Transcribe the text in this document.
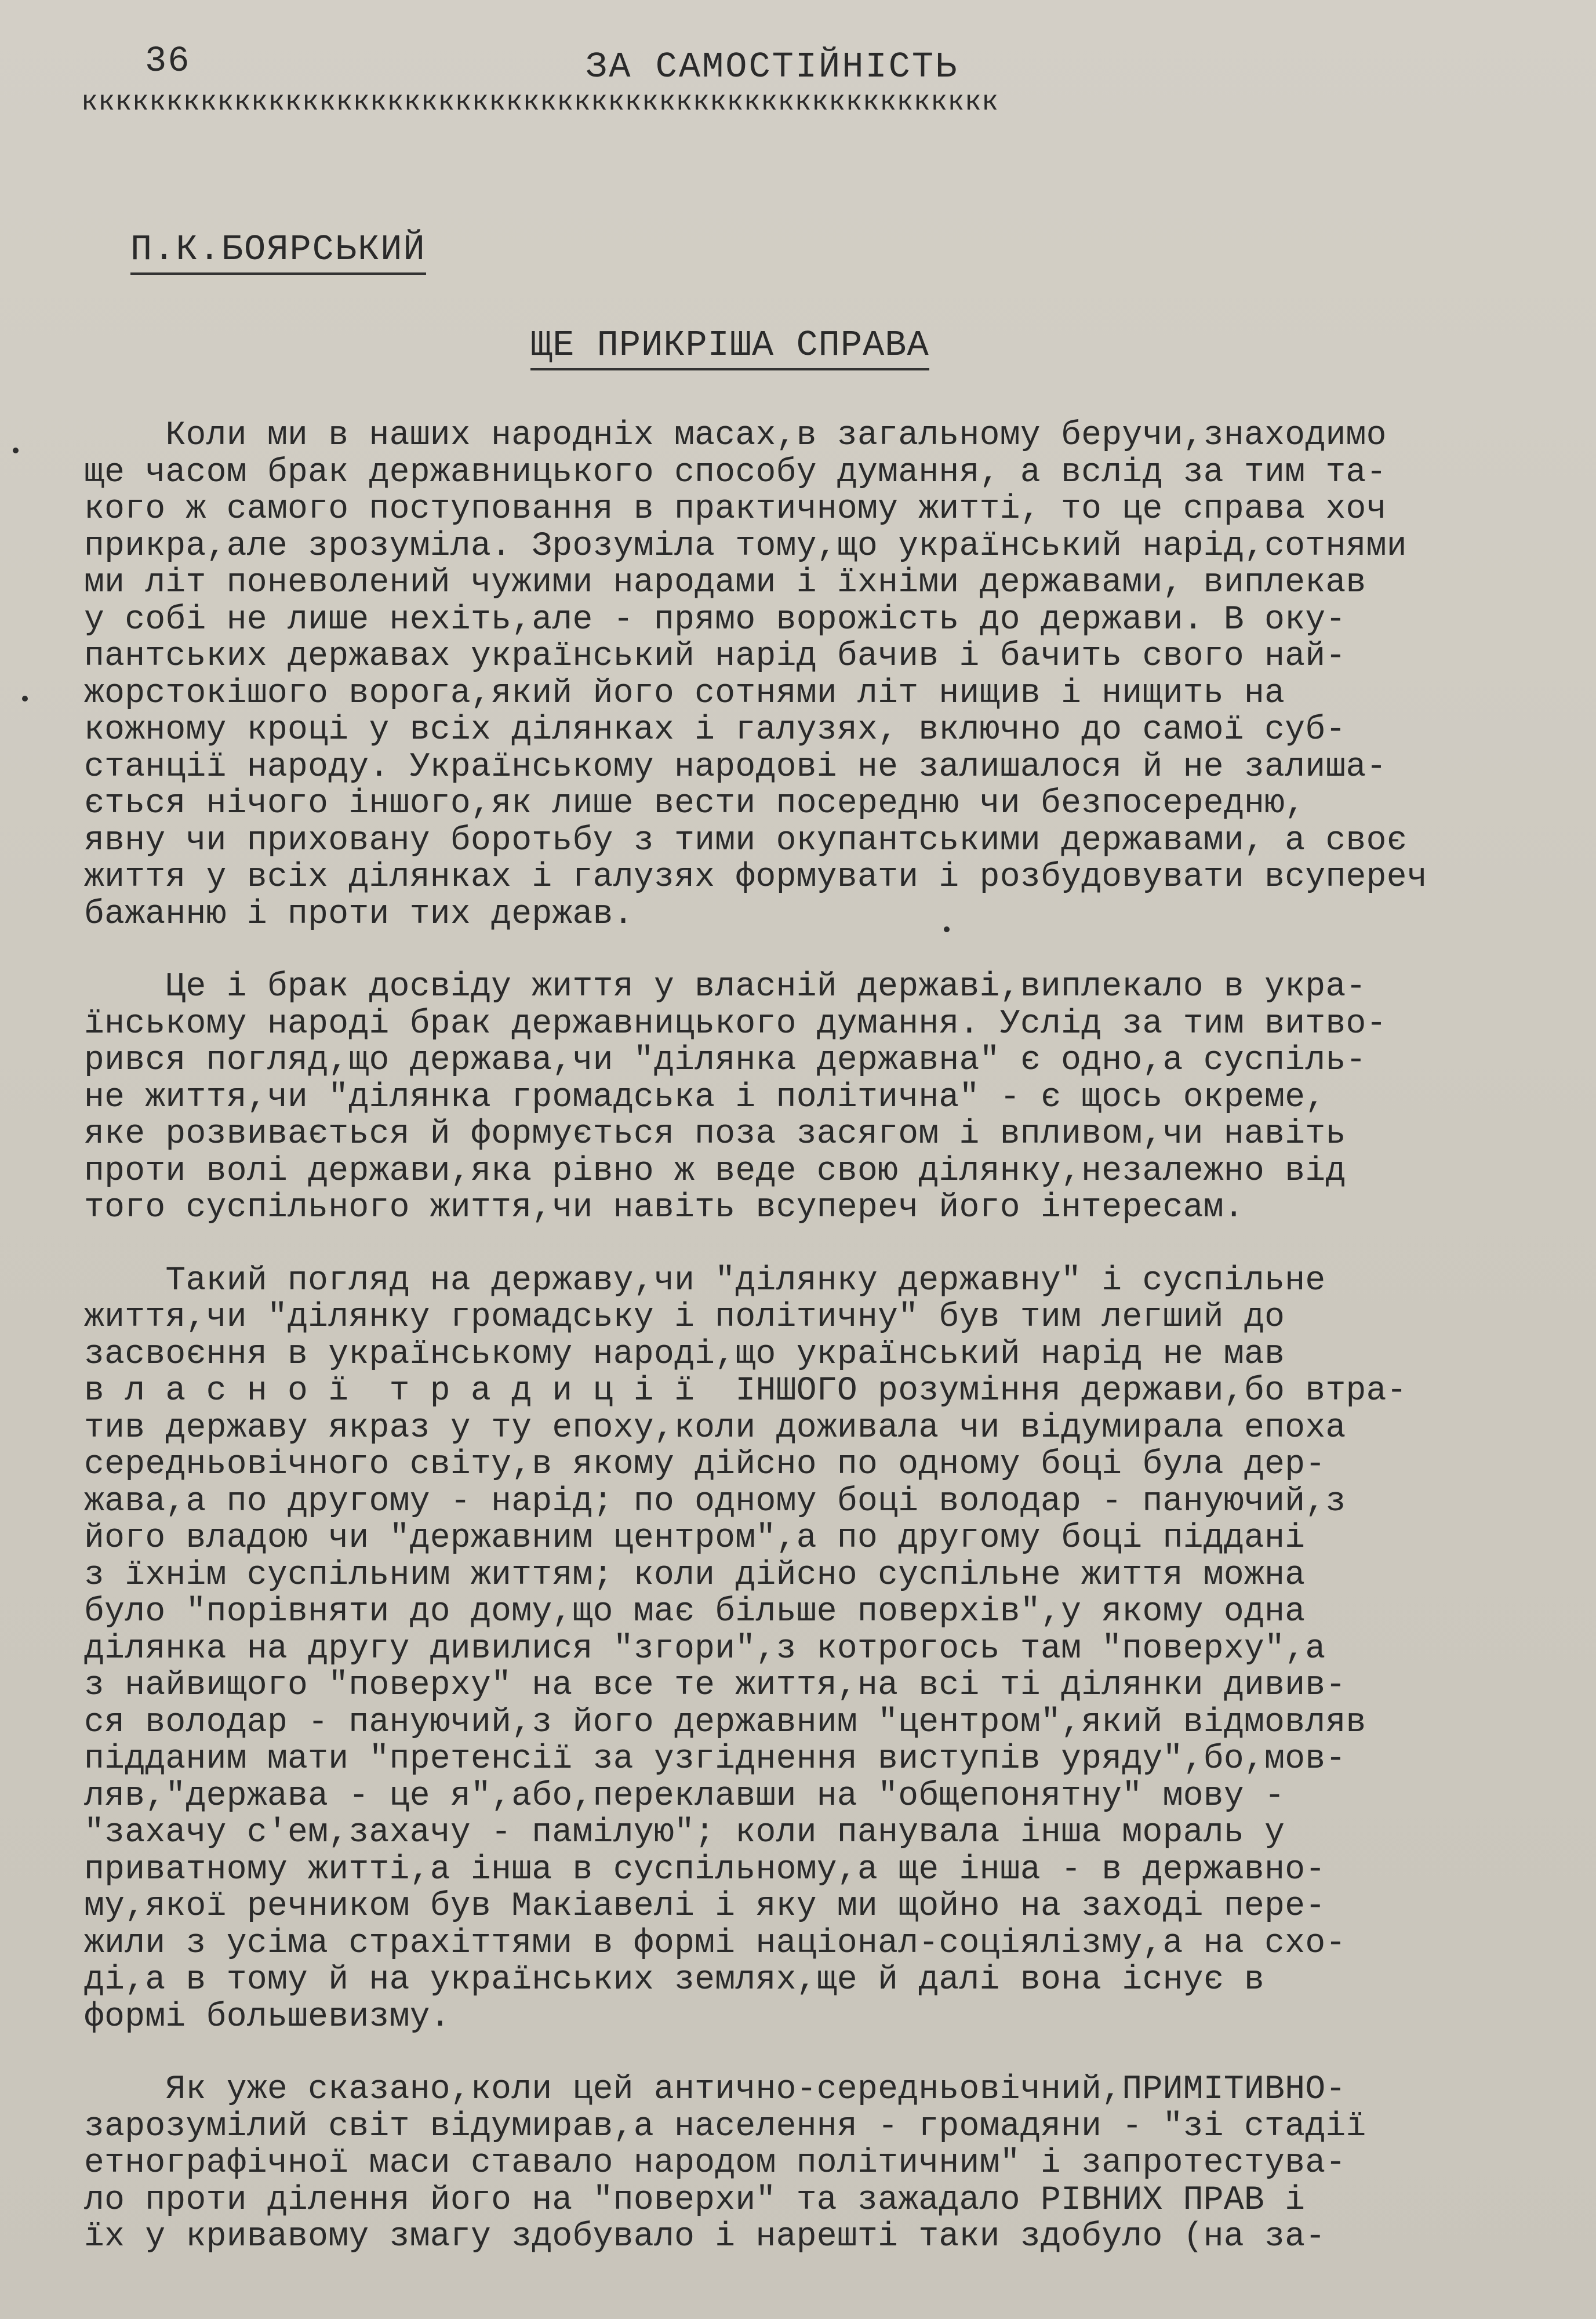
36	ЗА САМОСТІЙНІСТЬ
кккккккккккккккккккккккккккккккккккккккккккккккккккккк
П.К.БОЯРСЬКИЙ
ЩЕ ПРИКРІША СПРАВА
Коли ми в наших народніх масах,в загальному беручи,знаходимо
ще часом брак державницького способу думання, а вслід за тим та-
кого ж самого поступовання в практичному житті, то це справа хоч
прикра,але зрозуміла. Зрозуміла тому,що український нарід,сотнями
ми літ поневолений чужими народами і їхніми державами, виплекав
у собі не лише нехіть,але - прямо ворожість до держави. В оку-
пантських державах український нарід бачив і бачить свого най-
жорстокішого ворога,який його сотнями літ нищив і нищить на
кожному кроці у всіх ділянках і галузях, включно до самої суб-
станції народу. Українському народові не залишалося й не залиша-
ється нічого іншого,як лише вести посередню чи безпосередню,
явну чи приховану боротьбу з тими окупантськими державами, а своє
життя у всіх ділянках і галузях формувати і розбудовувати всупереч
бажанню і проти тих держав.
Це і брак досвіду життя у власній державі,виплекало в укра-
їнському народі брак державницького думання. Услід за тим витво-
рився погляд,що держава,чи "ділянка державна" є одно,а суспіль-
не життя,чи "ділянка громадська і політична" - є щось окреме,
яке розвивається й формується поза засягом і впливом,чи навіть
проти волі держави,яка рівно ж веде свою ділянку,незалежно від
того суспільного життя,чи навіть всупереч його інтересам.
Такий погляд на державу,чи "ділянку державну" і суспільне
життя,чи "ділянку громадську і політичну" був тим легший до
засвоєння в українському народі,що український нарід не мав
в л а с н о ї  т р а д и ц і ї  ІНШОГО розуміння держави,бо втра-
тив державу якраз у ту епоху,коли доживала чи відумирала епоха
середньовічного світу,в якому дійсно по одному боці була дер-
жава,а по другому - нарід; по одному боці володар - пануючий,з
його владою чи "державним центром",а по другому боці піддані
з їхнім суспільним життям; коли дійсно суспільне життя можна
було "порівняти до дому,що має більше поверхів",у якому одна
ділянка на другу дивилися "згори",з котрогось там "поверху",а
з найвищого "поверху" на все те життя,на всі ті ділянки дивив-
ся володар - пануючий,з його державним "центром",який відмовляв
підданим мати "претенсії за узгіднення виступів уряду",бо,мов-
ляв,"держава - це я",або,переклавши на "общепонятну" мову -
"захачу с'ем,захачу - памілую"; коли панувала інша мораль у
приватному житті,а інша в суспільному,а ще інша - в державно-
му,якої речником був Макіавелі і яку ми щойно на заході пере-
жили з усіма страхіттями в формі націонал-соціялізму,а на схо-
ді,а в тому й на українських землях,ще й далі вона існує в
формі большевизму.
Як уже сказано,коли цей антично-середньовічний,ПРИМІТИВНО-
зарозумілий світ відумирав,а населення - громадяни - "зі стадії
етнографічної маси ставало народом політичним" і запротестува-
ло проти ділення його на "поверхи" та зажадало РІВНИХ ПРАВ і
їх у кривавому змагу здобувало і нарешті таки здобуло (на за-
